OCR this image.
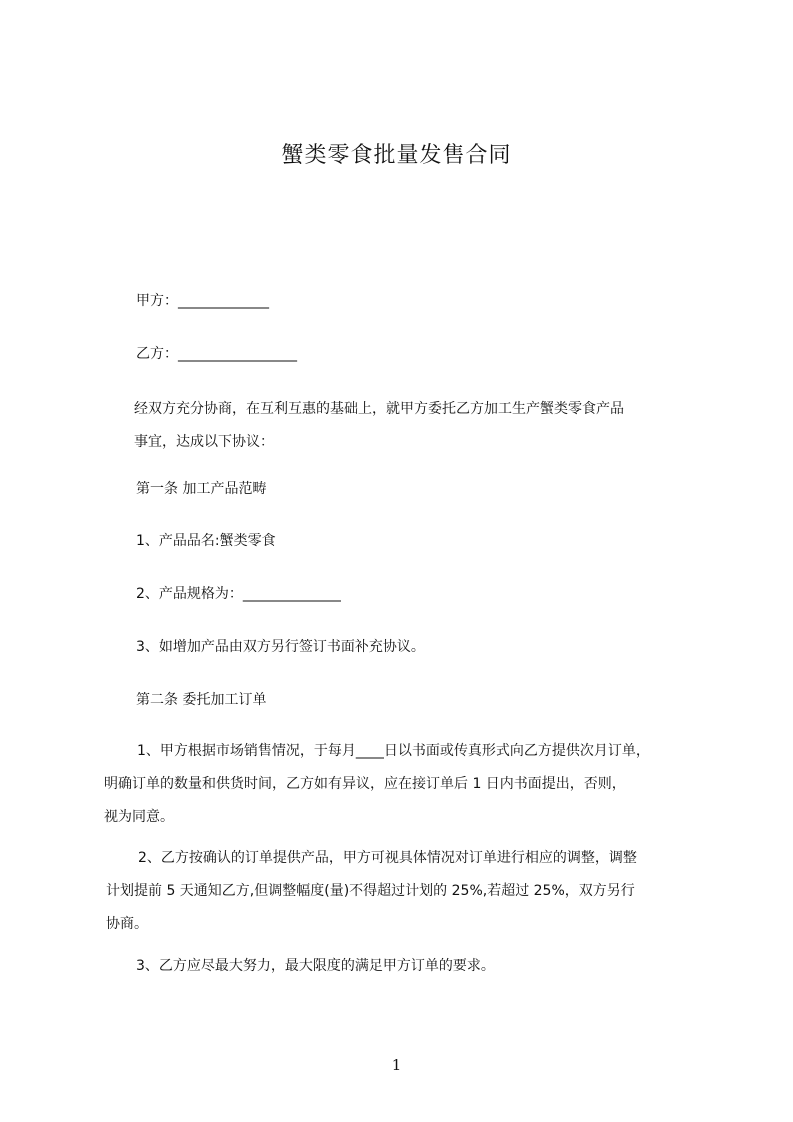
蟹类零食批量发售合同

甲方：_____________

乙方：_________________

经双方充分协商，在互利互惠的基础上，就甲方委托乙方加工生产蟹类零食产品
事宜，达成以下协议：

第一条 加工产品范畴

1、产品品名:蟹类零食

2、产品规格为：______________

3、如增加产品由双方另行签订书面补充协议。

第二条 委托加工订单

1、甲方根据市场销售情况，于每月____日以书面或传真形式向乙方提供次月订单，
明确订单的数量和供货时间，乙方如有异议，应在接订单后 1 日内书面提出，否则，
视为同意。
2、乙方按确认的订单提供产品，甲方可视具体情况对订单进行相应的调整，调整
计划提前 5 天通知乙方,但调整幅度(量)不得超过计划的 25%,若超过 25%，双方另行
协商。

3、乙方应尽最大努力，最大限度的满足甲方订单的要求。

1
